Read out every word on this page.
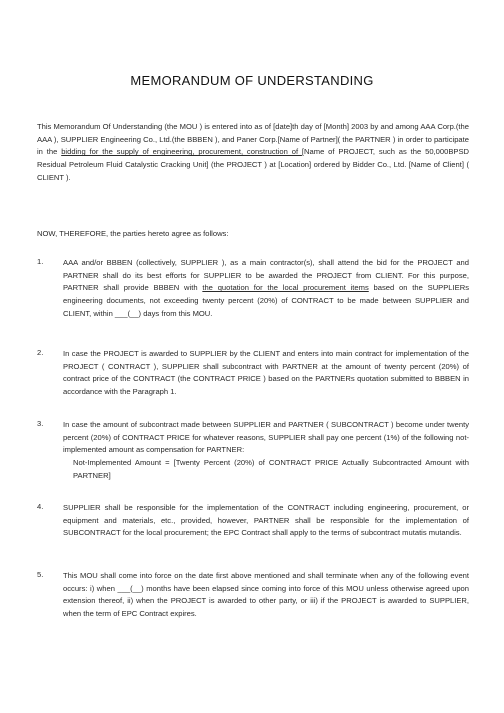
MEMORANDUM OF UNDERSTANDING
This Memorandum Of Understanding (the MOU ) is entered into as of [date]th day of [Month] 2003 by and among AAA Corp.(the AAA ), SUPPLIER Engineering Co., Ltd.(the BBBEN ), and Paner Corp.[Name of Partner]( the PARTNER ) in order to participate in the bidding for the supply of engineering, procurement, construction of [Name of PROJECT, such as the 50,000BPSD Residual Petroleum Fluid Catalystic Cracking Unit] (the PROJECT ) at [Location] ordered by Bidder Co., Ltd. [Name of Client] ( CLIENT ).
NOW, THEREFORE, the parties hereto agree as follows:
1.	AAA and/or BBBEN (collectively, SUPPLIER ), as a main contractor(s), shall attend the bid for the PROJECT and PARTNER shall do its best efforts for SUPPLIER to be awarded the PROJECT from CLIENT. For this purpose, PARTNER shall provide BBBEN with the quotation for the local procurement items based on the SUPPLIERs engineering documents, not exceeding twenty percent (20%) of CONTRACT to be made between SUPPLIER and CLIENT, within ___(__) days from this MOU.
2.	In case the PROJECT is awarded to SUPPLIER by the CLIENT and enters into main contract for implementation of the PROJECT ( CONTRACT ), SUPPLIER shall subcontract with PARTNER at the amount of twenty percent (20%) of contract price of the CONTRACT (the CONTRACT PRICE ) based on the PARTNERs quotation submitted to BBBEN in accordance with the Paragraph 1.
3.	In case the amount of subcontract made between SUPPLIER and PARTNER ( SUBCONTRACT ) become under twenty percent (20%) of CONTRACT PRICE for whatever reasons, SUPPLIER shall pay one percent (1%) of the following not-implemented amount as compensation for PARTNER:
Not-Implemented Amount = [Twenty Percent (20%) of CONTRACT PRICE Actually Subcontracted Amount with PARTNER]
4.	SUPPLIER shall be responsible for the implementation of the CONTRACT including engineering, procurement, or equipment and materials, etc., provided, however, PARTNER shall be responsible for the implementation of SUBCONTRACT for the local procurement; the EPC Contract shall apply to the terms of subcontract mutatis mutandis.
5.	This MOU shall come into force on the date first above mentioned and shall terminate when any of the following event occurs: i) when ___(__) months have been elapsed since coming into force of this MOU unless otherwise agreed upon extension thereof, ii) when the PROJECT is awarded to other party, or iii) if the PROJECT is awarded to SUPPLIER, when the term of EPC Contract expires.
